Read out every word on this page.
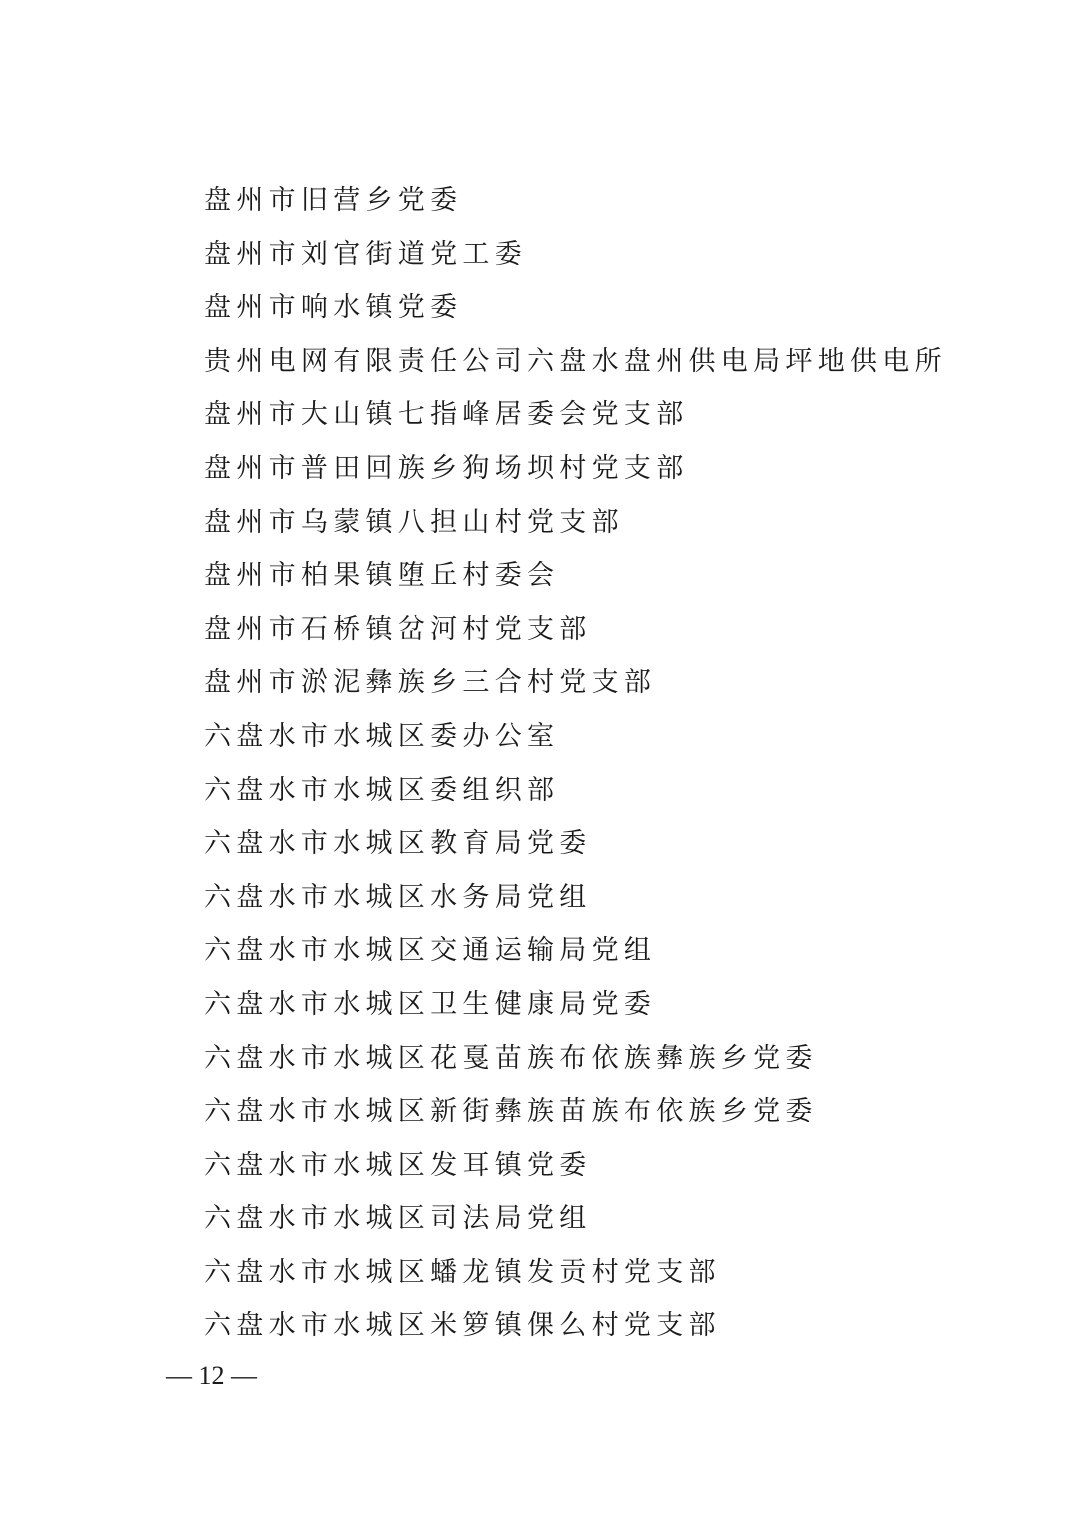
盘州市旧营乡党委
盘州市刘官街道党工委
盘州市响水镇党委
贵州电网有限责任公司六盘水盘州供电局坪地供电所
盘州市大山镇七指峰居委会党支部
盘州市普田回族乡狗场坝村党支部
盘州市乌蒙镇八担山村党支部
盘州市柏果镇堕丘村委会
盘州市石桥镇岔河村党支部
盘州市淤泥彝族乡三合村党支部
六盘水市水城区委办公室
六盘水市水城区委组织部
六盘水市水城区教育局党委
六盘水市水城区水务局党组
六盘水市水城区交通运输局党组
六盘水市水城区卫生健康局党委
六盘水市水城区花戛苗族布依族彝族乡党委
六盘水市水城区新街彝族苗族布依族乡党委
六盘水市水城区发耳镇党委
六盘水市水城区司法局党组
六盘水市水城区蟠龙镇发贡村党支部
六盘水市水城区米箩镇倮么村党支部
— 12 —
